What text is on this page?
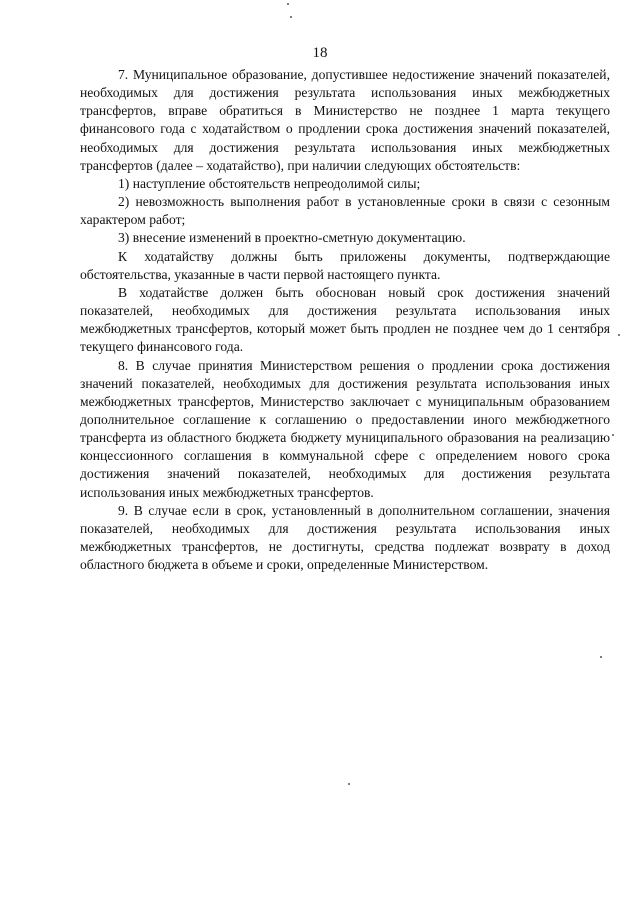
18

7. Муниципальное образование, допустившее недостижение значений показателей, необходимых для достижения результата использования иных межбюджетных трансфертов, вправе обратиться в Министерство не позднее 1 марта текущего финансового года с ходатайством о продлении срока достижения значений показателей, необходимых для достижения результата использования иных межбюджетных трансфертов (далее – ходатайство), при наличии следующих обстоятельств:

1) наступление обстоятельств непреодолимой силы;

2) невозможность выполнения работ в установленные сроки в связи с сезонным характером работ;

3) внесение изменений в проектно-сметную документацию.

К ходатайству должны быть приложены документы, подтверждающие обстоятельства, указанные в части первой настоящего пункта.

В ходатайстве должен быть обоснован новый срок достижения значений показателей, необходимых для достижения результата использования иных межбюджетных трансфертов, который может быть продлен не позднее чем до 1 сентября текущего финансового года.

8. В случае принятия Министерством решения о продлении срока достижения значений показателей, необходимых для достижения результата использования иных межбюджетных трансфертов, Министерство заключает с муниципальным образованием дополнительное соглашение к соглашению о предоставлении иного межбюджетного трансферта из областного бюджета бюджету муниципального образования на реализацию концессионного соглашения в коммунальной сфере с определением нового срока достижения значений показателей, необходимых для достижения результата использования иных межбюджетных трансфертов.

9. В случае если в срок, установленный в дополнительном соглашении, значения показателей, необходимых для достижения результата использования иных межбюджетных трансфертов, не достигнуты, средства подлежат возврату в доход областного бюджета в объеме и сроки, определенные Министерством.
